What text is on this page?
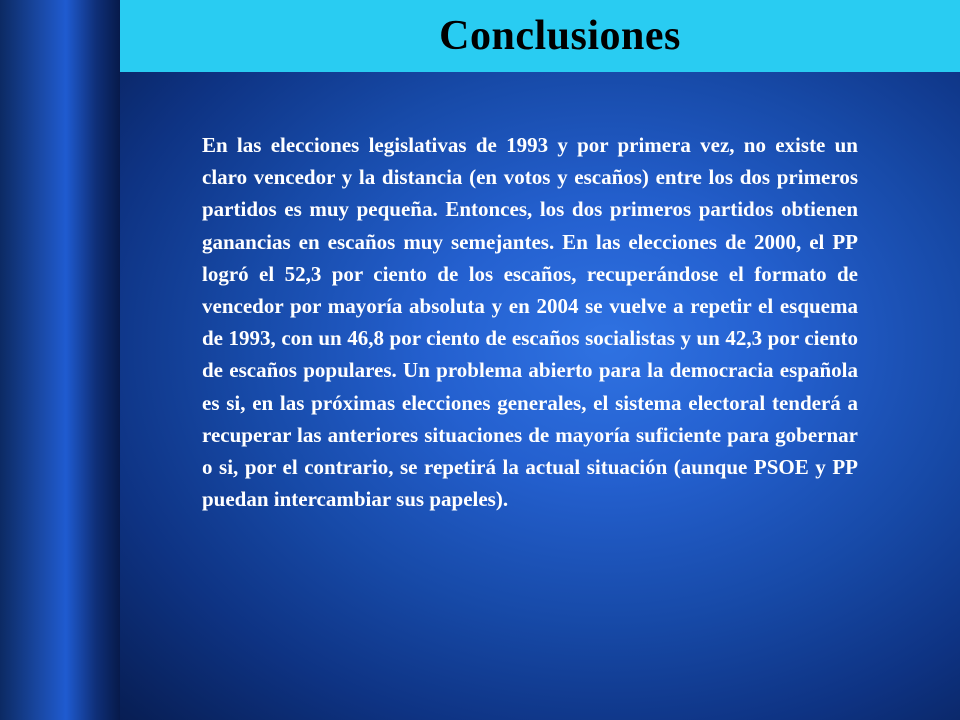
Conclusiones

En las elecciones legislativas de 1993 y por primera vez, no existe un claro vencedor y la distancia (en votos y escaños) entre los dos primeros partidos es muy pequeña. Entonces, los dos primeros partidos obtienen ganancias en escaños muy semejantes. En las elecciones de 2000, el PP logró el 52,3 por ciento de los escaños, recuperándose el formato de vencedor por mayoría absoluta y en 2004 se vuelve a repetir el esquema de 1993, con un 46,8 por ciento de escaños socialistas y un 42,3 por ciento de escaños populares. Un problema abierto para la democracia española es si, en las próximas elecciones generales, el sistema electoral tenderá a recuperar las anteriores situaciones de mayoría suficiente para gobernar o si, por el contrario, se repetirá la actual situación (aunque PSOE y PP puedan intercambiar sus papeles).
